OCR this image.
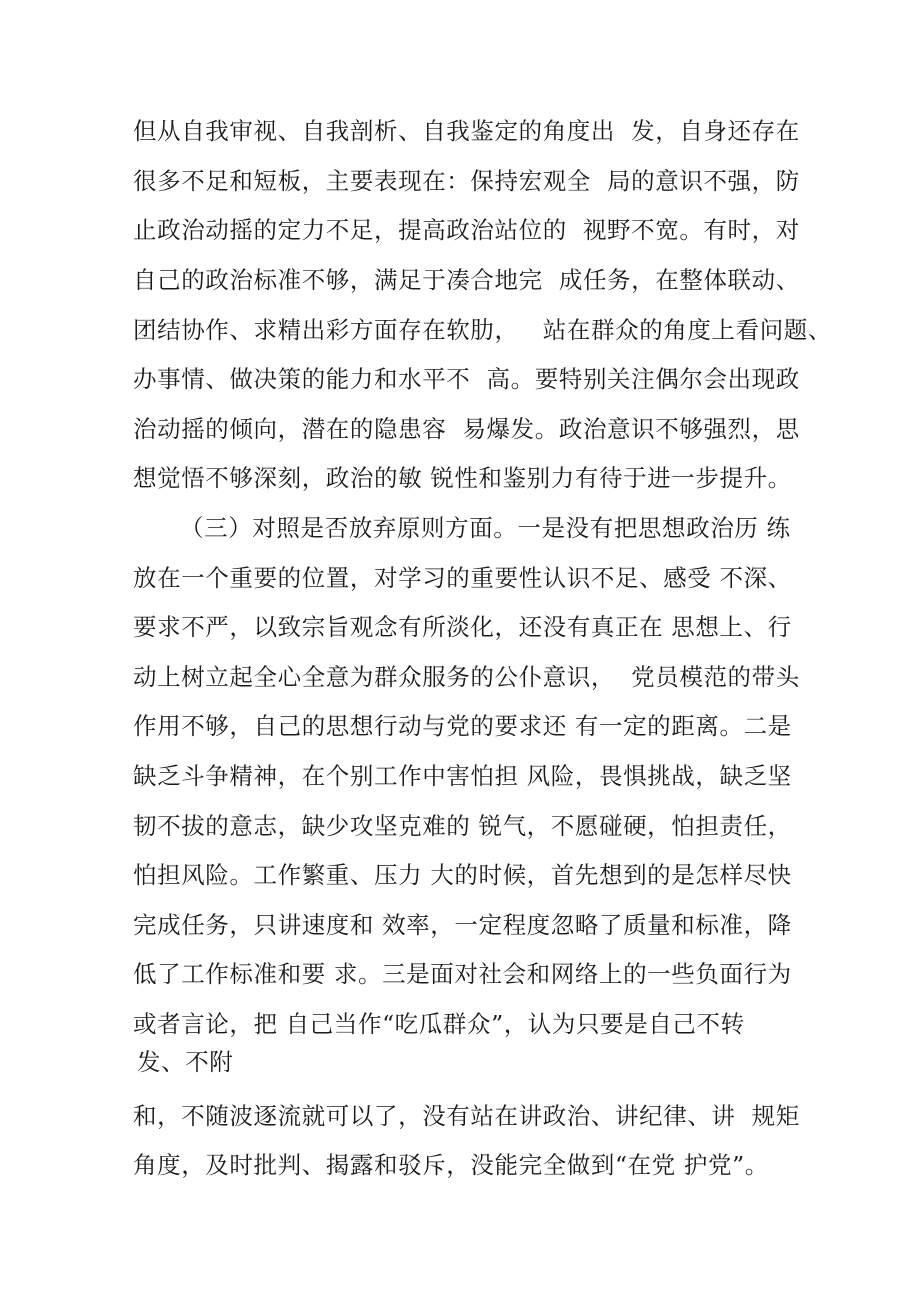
但从自我审视、自我剖析、自我鉴定的角度出  发，自身还存在
很多不足和短板，主要表现在：保持宏观全  局的意识不强，防
止政治动摇的定力不足，提高政治站位的  视野不宽。有时，对
自己的政治标准不够，满足于凑合地完  成任务，在整体联动、
团结协作、求精出彩方面存在软肋，   站在群众的角度上看问题、
办事情、做决策的能力和水平不  高。要特别关注偶尔会出现政
治动摇的倾向，潜在的隐患容  易爆发。政治意识不够强烈，思
想觉悟不够深刻，政治的敏 锐性和鉴别力有待于进一步提升。
（三）对照是否放弃原则方面。一是没有把思想政治历 练
放在一个重要的位置，对学习的重要性认识不足、感受 不深、
要求不严，以致宗旨观念有所淡化，还没有真正在 思想上、行
动上树立起全心全意为群众服务的公仆意识，  党员模范的带头
作用不够，自己的思想行动与党的要求还 有一定的距离。二是
缺乏斗争精神，在个别工作中害怕担 风险，畏惧挑战，缺乏坚
韧不拔的意志，缺少攻坚克难的 锐气，不愿碰硬，怕担责任，
怕担风险。工作繁重、压力 大的时候，首先想到的是怎样尽快
完成任务，只讲速度和 效率，一定程度忽略了质量和标准，降
低了工作标准和要 求。三是面对社会和网络上的一些负面行为
或者言论，把 自己当作“吃瓜群众”，认为只要是自己不转
发、不附
和，不随波逐流就可以了，没有站在讲政治、讲纪律、讲  规矩
角度，及时批判、揭露和驳斥，没能完全做到“在党 护党”。
